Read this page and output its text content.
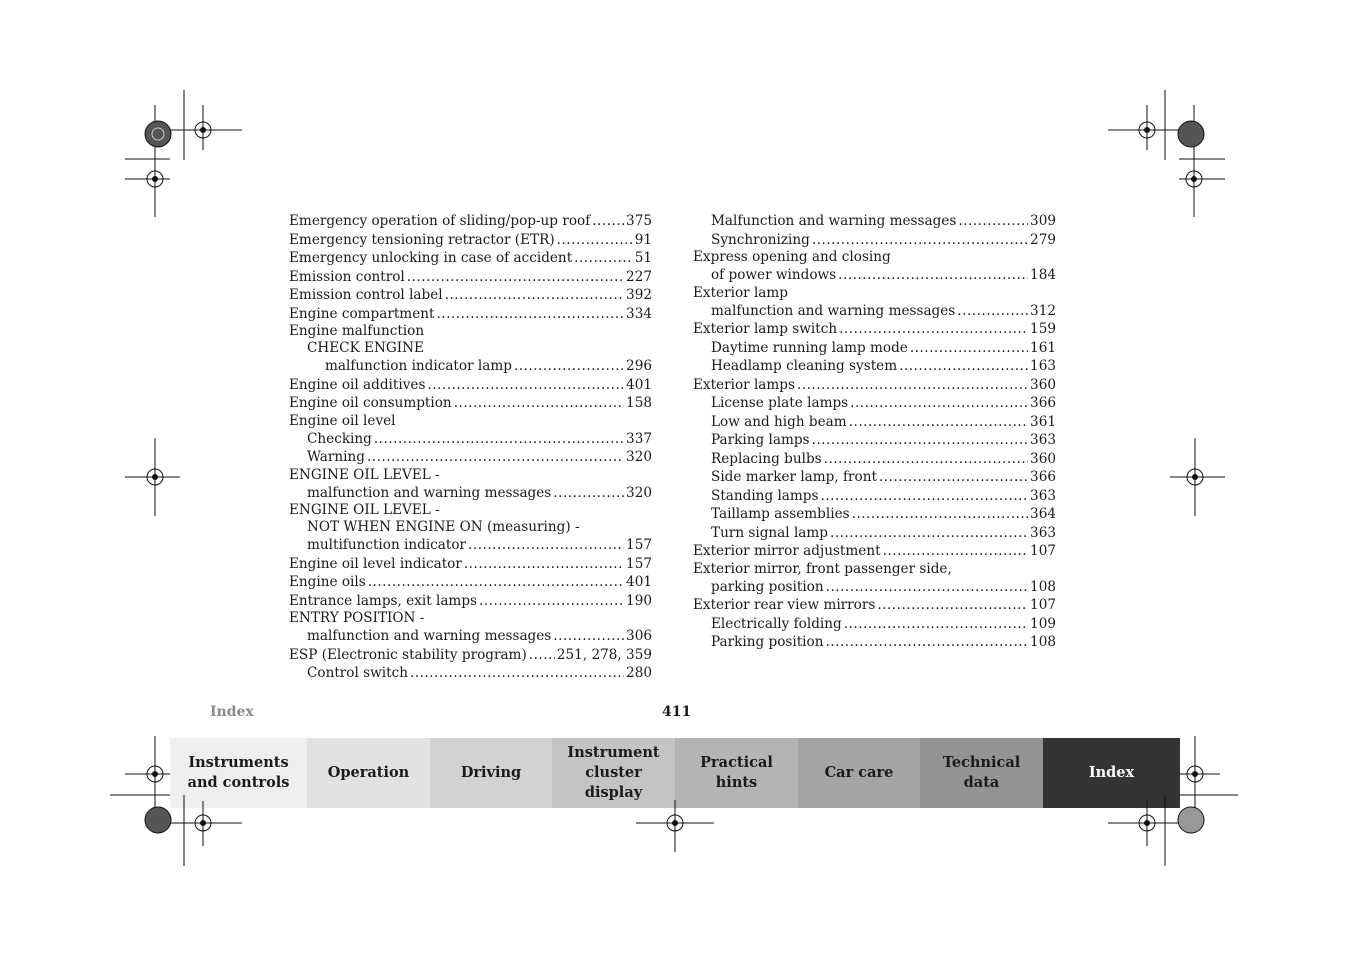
Emergency operation of sliding/pop-up roof .....	375
Emergency tensioning retractor (ETR) .....	91
Emergency unlocking in case of accident .....	51
Emission control .....	227
Emission control label .....	392
Engine compartment .....	334
Engine malfunction
CHECK ENGINE
malfunction indicator lamp .....	296
Engine oil additives .....	401
Engine oil consumption .....	158
Engine oil level
Checking .....	337
Warning .....	320
ENGINE OIL LEVEL -
malfunction and warning messages .....	320
ENGINE OIL LEVEL -
NOT WHEN ENGINE ON (measuring) -
multifunction indicator .....	157
Engine oil level indicator .....	157
Engine oils .....	401
Entrance lamps, exit lamps .....	190
ENTRY POSITION -
malfunction and warning messages .....	306
ESP (Electronic stability program) ..... 251, 278, 359
Control switch .....	280
Malfunction and warning messages .....	309
Synchronizing .....	279
Express opening and closing
of power windows .....	184
Exterior lamp
malfunction and warning messages .....	312
Exterior lamp switch .....	159
Daytime running lamp mode .....	161
Headlamp cleaning system .....	163
Exterior lamps .....	360
License plate lamps .....	366
Low and high beam .....	361
Parking lamps .....	363
Replacing bulbs .....	360
Side marker lamp, front .....	366
Standing lamps .....	363
Taillamp assemblies .....	364
Turn signal lamp .....	363
Exterior mirror adjustment .....	107
Exterior mirror, front passenger side,
parking position .....	108
Exterior rear view mirrors .....	107
Electrically folding .....	109
Parking position .....	108
Index	411
Instruments
and controls
Operation	Driving
Instrument
cluster display
Practical hints
Car care
Technical
data
Index
